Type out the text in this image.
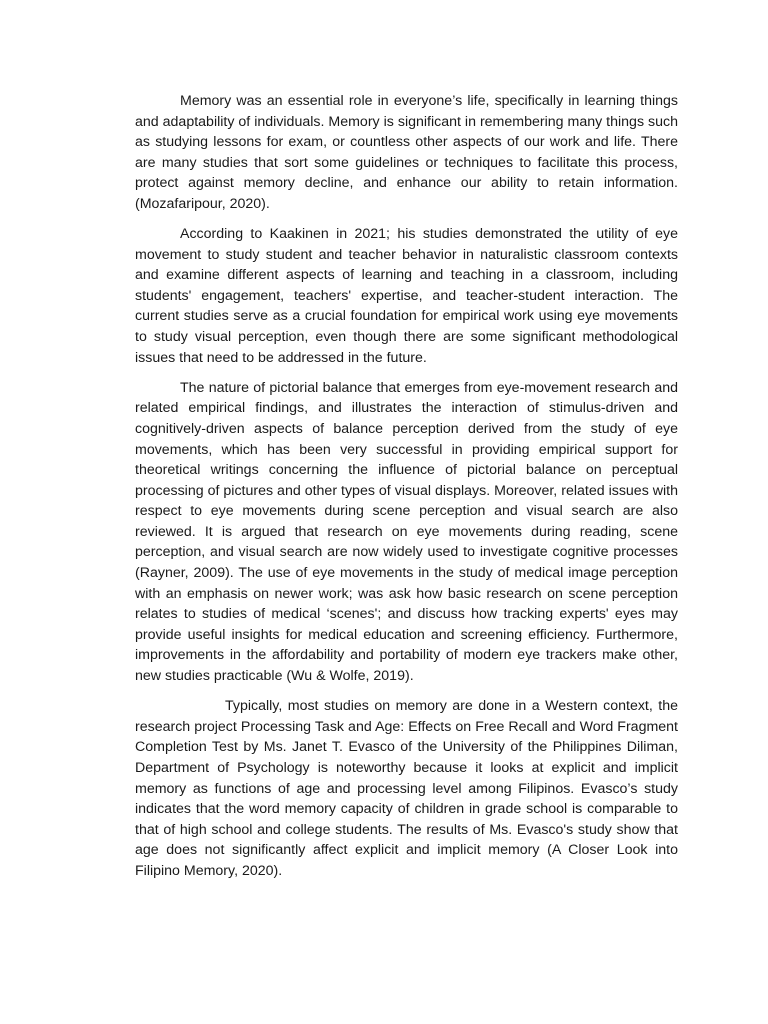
Memory was an essential role in everyone’s life, specifically in learning things and adaptability of individuals. Memory is significant in remembering many things such as studying lessons for exam, or countless other aspects of our work and life. There are many studies that sort some guidelines or techniques to facilitate this process, protect against memory decline, and enhance our ability to retain information. (Mozafaripour, 2020).

According to Kaakinen in 2021; his studies demonstrated the utility of eye movement to study student and teacher behavior in naturalistic classroom contexts and examine different aspects of learning and teaching in a classroom, including students' engagement, teachers' expertise, and teacher-student interaction. The current studies serve as a crucial foundation for empirical work using eye movements to study visual perception, even though there are some significant methodological issues that need to be addressed in the future.

The nature of pictorial balance that emerges from eye-movement research and related empirical findings, and illustrates the interaction of stimulus-driven and cognitively-driven aspects of balance perception derived from the study of eye movements, which has been very successful in providing empirical support for theoretical writings concerning the influence of pictorial balance on perceptual processing of pictures and other types of visual displays. Moreover, related issues with respect to eye movements during scene perception and visual search are also reviewed. It is argued that research on eye movements during reading, scene perception, and visual search are now widely used to investigate cognitive processes (Rayner, 2009). The use of eye movements in the study of medical image perception with an emphasis on newer work; was ask how basic research on scene perception relates to studies of medical ‘scenes'; and discuss how tracking experts' eyes may provide useful insights for medical education and screening efficiency. Furthermore, improvements in the affordability and portability of modern eye trackers make other, new studies practicable (Wu & Wolfe, 2019).

Typically, most studies on memory are done in a Western context, the research project Processing Task and Age: Effects on Free Recall and Word Fragment Completion Test by Ms. Janet T. Evasco of the University of the Philippines Diliman, Department of Psychology is noteworthy because it looks at explicit and implicit memory as functions of age and processing level among Filipinos. Evasco’s study indicates that the word memory capacity of children in grade school is comparable to that of high school and college students. The results of Ms. Evasco's study show that age does not significantly affect explicit and implicit memory (A Closer Look into Filipino Memory, 2020).
